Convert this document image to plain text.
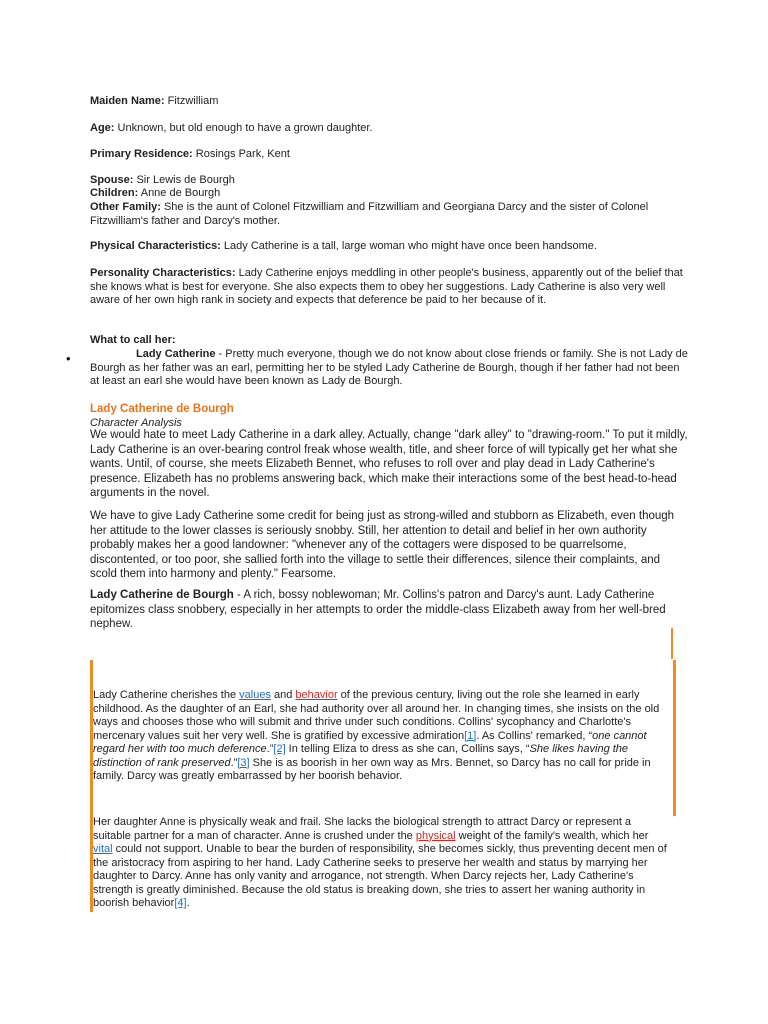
Maiden Name: Fitzwilliam
Age: Unknown, but old enough to have a grown daughter.
Primary Residence: Rosings Park, Kent
Spouse: Sir Lewis de Bourgh
Children: Anne de Bourgh
Other Family: She is the aunt of Colonel Fitzwilliam and Fitzwilliam and Georgiana Darcy and the sister of Colonel Fitzwilliam's father and Darcy's mother.
Physical Characteristics: Lady Catherine is a tall, large woman who might have once been handsome.
Personality Characteristics: Lady Catherine enjoys meddling in other people's business, apparently out of the belief that she knows what is best for everyone. She also expects them to obey her suggestions. Lady Catherine is also very well aware of her own high rank in society and expects that deference be paid to her because of it.
What to call her:
•	Lady Catherine - Pretty much everyone, though we do not know about close friends or family. She is not Lady de Bourgh as her father was an earl, permitting her to be styled Lady Catherine de Bourgh, though if her father had not been at least an earl she would have been known as Lady de Bourgh.
Lady Catherine de Bourgh
Character Analysis
We would hate to meet Lady Catherine in a dark alley. Actually, change "dark alley" to "drawing-room." To put it mildly, Lady Catherine is an over-bearing control freak whose wealth, title, and sheer force of will typically get her what she wants. Until, of course, she meets Elizabeth Bennet, who refuses to roll over and play dead in Lady Catherine's presence. Elizabeth has no problems answering back, which make their interactions some of the best head-to-head arguments in the novel.
We have to give Lady Catherine some credit for being just as strong-willed and stubborn as Elizabeth, even though her attitude to the lower classes is seriously snobby. Still, her attention to detail and belief in her own authority probably makes her a good landowner: "whenever any of the cottagers were disposed to be quarrelsome, discontented, or too poor, she sallied forth into the village to settle their differences, silence their complaints, and scold them into harmony and plenty." Fearsome.
Lady Catherine de Bourgh - A rich, bossy noblewoman; Mr. Collins's patron and Darcy's aunt. Lady Catherine epitomizes class snobbery, especially in her attempts to order the middle-class Elizabeth away from her well-bred nephew.
Lady Catherine cherishes the values and behavior of the previous century, living out the role she learned in early childhood. As the daughter of an Earl, she had authority over all around her. In changing times, she insists on the old ways and chooses those who will submit and thrive under such conditions. Collins' sycophancy and Charlotte's mercenary values suit her very well. She is gratified by excessive admiration[1]. As Collins' remarked, “one cannot regard her with too much deference.”[2] In telling Eliza to dress as she can, Collins says, “She likes having the distinction of rank preserved.”[3] She is as boorish in her own way as Mrs. Bennet, so Darcy has no call for pride in family. Darcy was greatly embarrassed by her boorish behavior.
Her daughter Anne is physically weak and frail. She lacks the biological strength to attract Darcy or represent a suitable partner for a man of character. Anne is crushed under the physical weight of the family's wealth, which her vital could not support. Unable to bear the burden of responsibility, she becomes sickly, thus preventing decent men of the aristocracy from aspiring to her hand. Lady Catherine seeks to preserve her wealth and status by marrying her daughter to Darcy. Anne has only vanity and arrogance, not strength. When Darcy rejects her, Lady Catherine's strength is greatly diminished. Because the old status is breaking down, she tries to assert her waning authority in boorish behavior[4].
